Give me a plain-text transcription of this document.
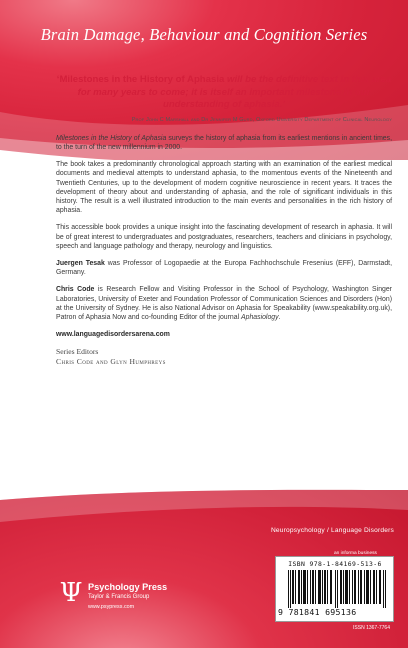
Brain Damage, Behaviour and Cognition Series

‘Milestones in the History of Aphasia will be the definitive text in this area for many years to come; it is itself an important milestone in our understanding of aphasia.’

Prof John C Marshall and Dr Jennifer M Gurd, Oxford University Department of Clinical Neurology

Milestones in the History of Aphasia surveys the history of aphasia from its earliest mentions in ancient times, to the turn of the new millennium in 2000.

The book takes a predominantly chronological approach starting with an examination of the earliest medical documents and medieval attempts to understand aphasia, to the momentous events of the Nineteenth and Twentieth Centuries, up to the development of modern cognitive neuroscience in recent years. It traces the development of theory about and understanding of aphasia, and the role of significant individuals in this history. The result is a well illustrated introduction to the main events and personalities in the rich history of aphasia.

This accessible book provides a unique insight into the fascinating development of research in aphasia. It will be of great interest to undergraduates and postgraduates, researchers, teachers and clinicians in psychology, speech and language pathology and therapy, neurology and linguistics.

Juergen Tesak was Professor of Logopaedie at the Europa Fachhochschule Fresenius (EFF), Darmstadt, Germany.

Chris Code is Research Fellow and Visiting Professor in the School of Psychology, Washington Singer Laboratories, University of Exeter and Foundation Professor of Communication Sciences and Disorders (Hon) at the University of Sydney. He is also National Advisor on Aphasia for Speakability (www.speakability.org.uk), Patron of Aphasia Now and co-founding Editor of the journal Aphasiology.

www.languagedisordersarena.com

Series Editors

Chris Code and Glyn Humphreys

Neuropsychology / Language Disorders
Ψ Psychology Press
Taylor & Francis Group
www.psypress.com
an informa business
ISBN 978-1-84169-513-6
9 781841 695136
ISSN 1367-7764
